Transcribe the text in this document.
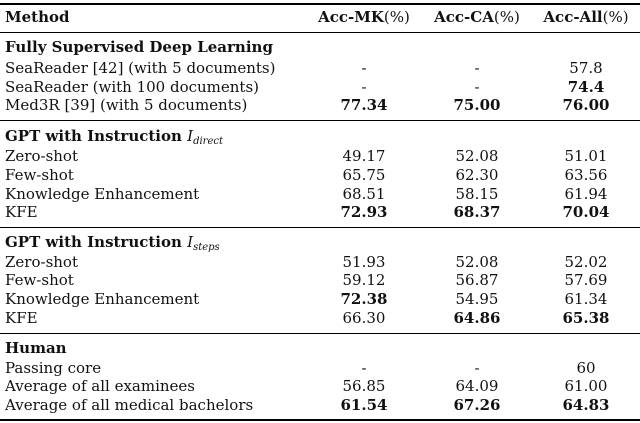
Method	Acc-MK(%)	Acc-CA(%)	Acc-All(%)
Fully Supervised Deep Learning
SeaReader [42] (with 5 documents)	-	-	57.8
SeaReader (with 100 documents)	-	-	74.4
Med3R [39] (with 5 documents)	77.34	75.00	76.00
GPT with Instruction $I_{direct}$
Zero-shot	49.17	52.08	51.01
Few-shot	65.75	62.30	63.56
Knowledge Enhancement	68.51	58.15	61.94
KFE	72.93	68.37	70.04
GPT with Instruction $I_{steps}$
Zero-shot	51.93	52.08	52.02
Few-shot	59.12	56.87	57.69
Knowledge Enhancement	72.38	54.95	61.34
KFE	66.30	64.86	65.38
Human
Passing core	-	-	60
Average of all examinees	56.85	64.09	61.00
Average of all medical bachelors	61.54	67.26	64.83
